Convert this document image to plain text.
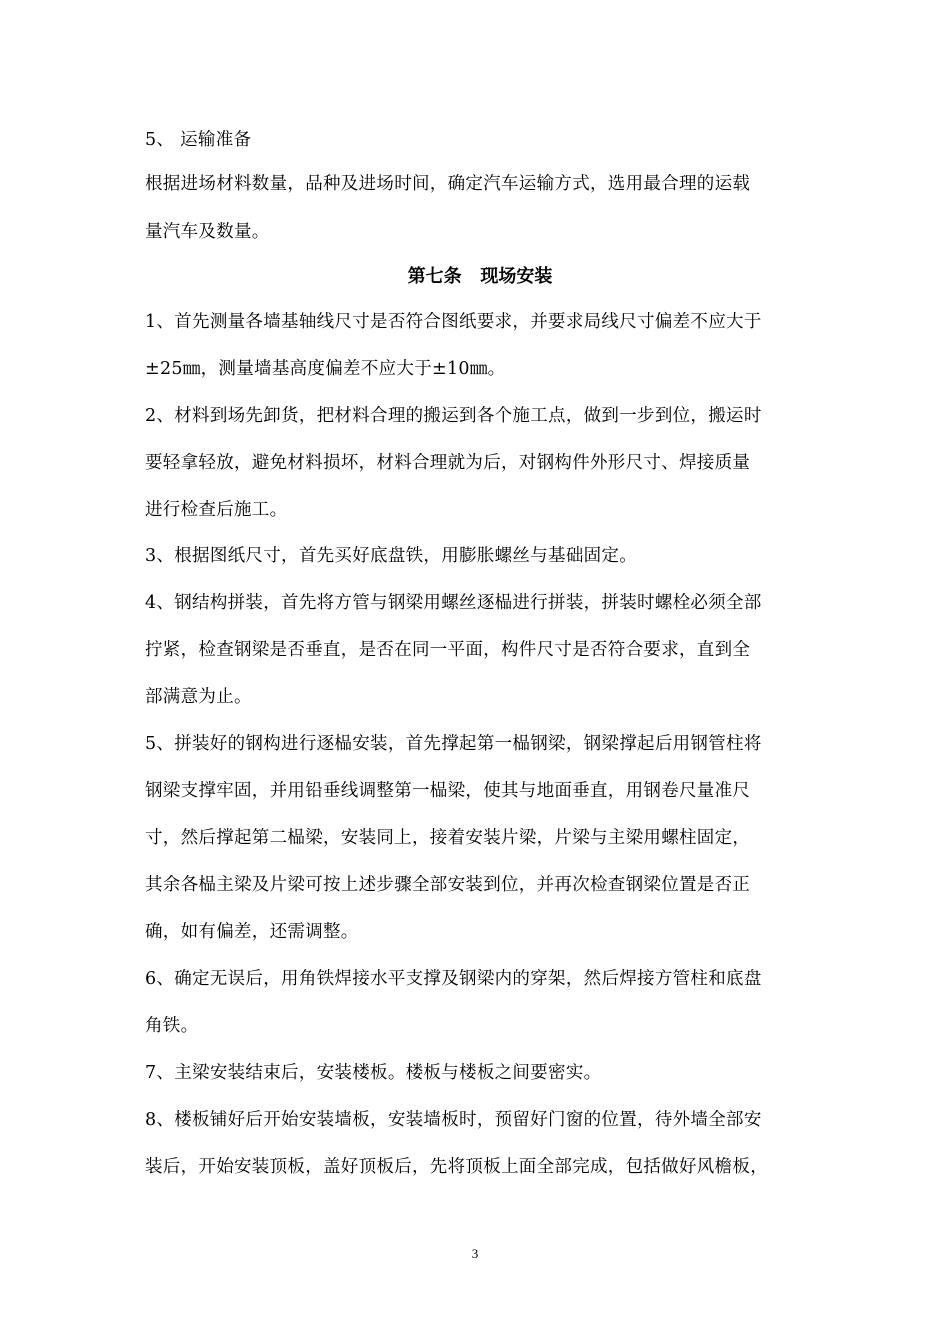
5、 运输准备
根据进场材料数量，品种及进场时间，确定汽车运输方式，选用最合理的运载
量汽车及数量。
第七条   现场安装
1、首先测量各墙基轴线尺寸是否符合图纸要求，并要求局线尺寸偏差不应大于
±25㎜，测量墙基高度偏差不应大于±10㎜。
2、材料到场先卸货，把材料合理的搬运到各个施工点，做到一步到位，搬运时
要轻拿轻放，避免材料损坏，材料合理就为后，对钢构件外形尺寸、焊接质量
进行检查后施工。
3、根据图纸尺寸，首先买好底盘铁，用膨胀螺丝与基础固定。
4、钢结构拼装，首先将方管与钢梁用螺丝逐榀进行拼装，拼装时螺栓必须全部
拧紧，检查钢梁是否垂直，是否在同一平面，构件尺寸是否符合要求，直到全
部满意为止。
5、拼装好的钢构进行逐榀安装，首先撑起第一榀钢梁，钢梁撑起后用钢管柱将
钢梁支撑牢固，并用铅垂线调整第一榀梁，使其与地面垂直，用钢卷尺量准尺
寸，然后撑起第二榀梁，安装同上，接着安装片梁，片梁与主梁用螺柱固定，
其余各榀主梁及片梁可按上述步骤全部安装到位，并再次检查钢梁位置是否正
确，如有偏差，还需调整。
6、确定无误后，用角铁焊接水平支撑及钢梁内的穿架，然后焊接方管柱和底盘
角铁。
7、主梁安装结束后，安装楼板。楼板与楼板之间要密实。
8、楼板铺好后开始安装墙板，安装墙板时，预留好门窗的位置，待外墙全部安
装后，开始安装顶板，盖好顶板后，先将顶板上面全部完成，包括做好风檐板，
3
